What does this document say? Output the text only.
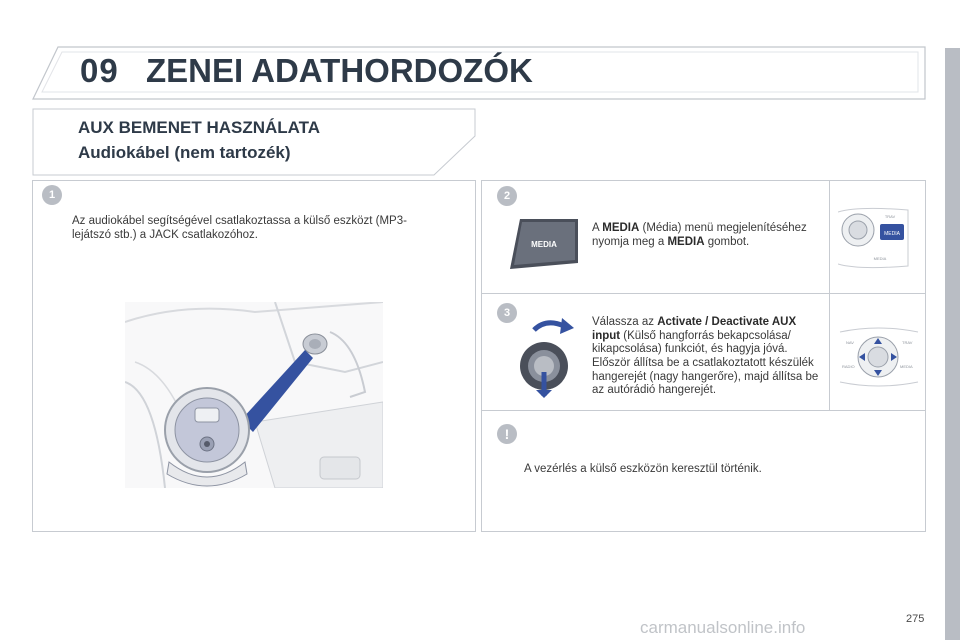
09 ZENEI ADATHORDOZÓK
AUX BEMENET HASZNÁLATA
Audiokábel (nem tartozék)
1
Az audiokábel segítségével csatlakoztassa a külső eszközt (MP3-lejátszó stb.) a JACK csatlakozóhoz.
2
MEDIA
A MEDIA (Média) menü megjelenítéséhez nyomja meg a MEDIA gombot.
MEDIA
TRAV
MEDIA
3
Válassza az Activate / Deactivate AUX input (Külső hangforrás bekapcsolása/ kikapcsolása) funkciót, és hagyja jóvá.
Először állítsa be a csatlakoztatott készülék hangerejét (nagy hangerőre), majd állítsa be az autórádió hangerejét.
NAV
RADIO
TRAV
MEDIA
!
A vezérlés a külső eszközön keresztül történik.
carmanualsonline.info	275
